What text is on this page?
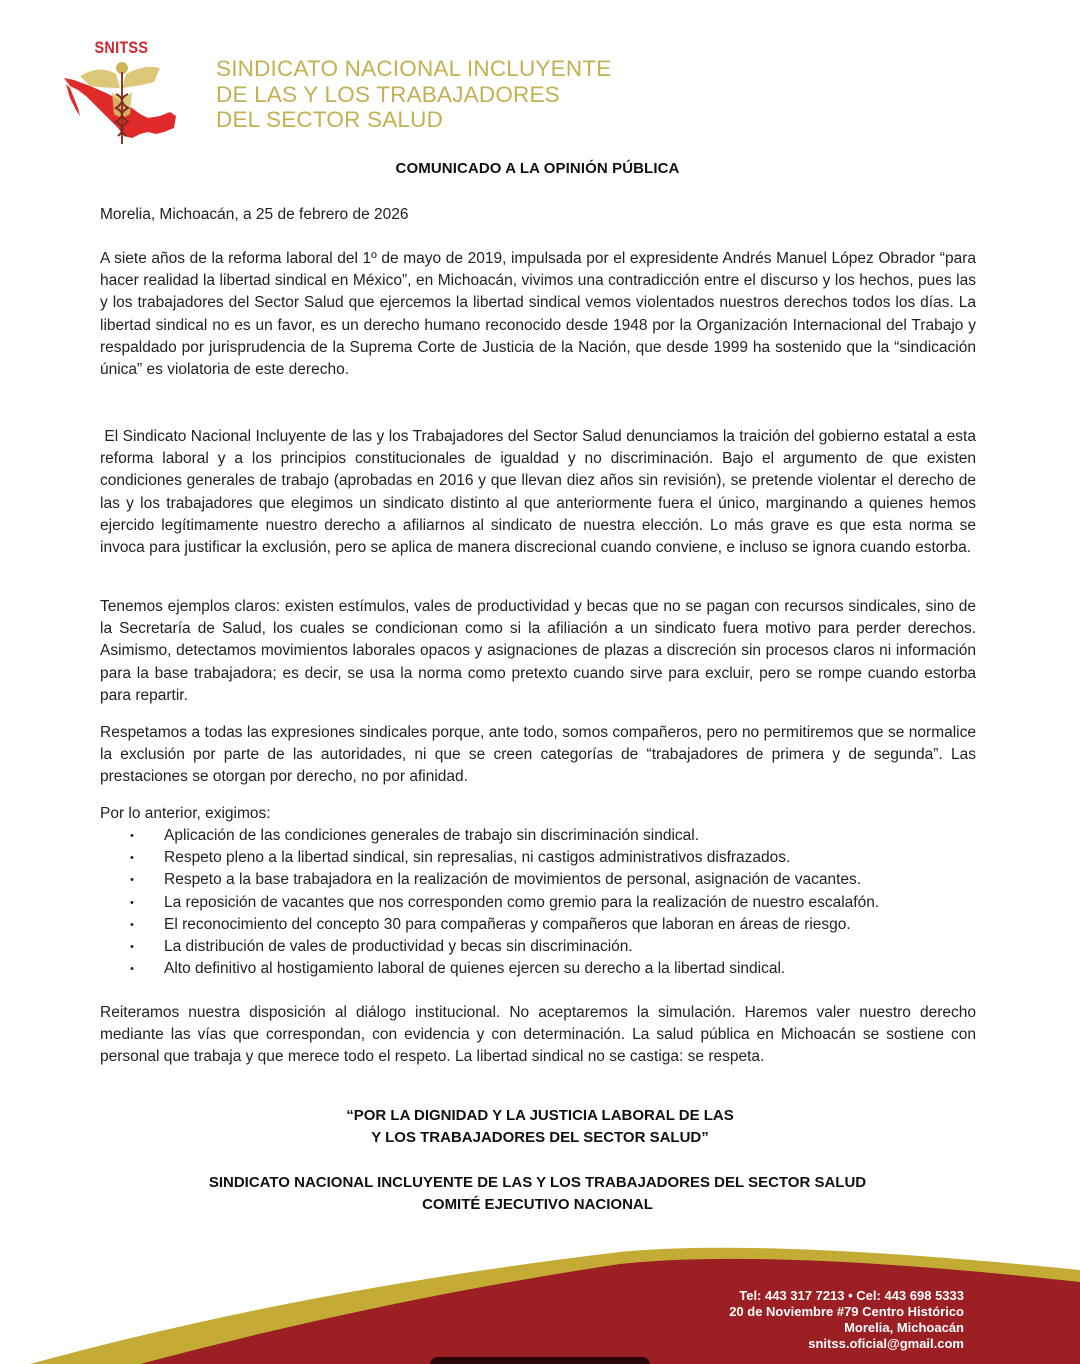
SNITSS
SINDICATO NACIONAL INCLUYENTE
DE LAS Y LOS TRABAJADORES
DEL SECTOR SALUD
COMUNICADO A LA OPINIÓN PÚBLICA
Morelia, Michoacán, a 25 de febrero de 2026

A siete años de la reforma laboral del 1º de mayo de 2019, impulsada por el expresidente Andrés Manuel López Obrador “para hacer realidad la libertad sindical en México”, en Michoacán, vivimos una contradicción entre el discurso y los hechos, pues las y los trabajadores del Sector Salud que ejercemos la libertad sindical vemos violentados nuestros derechos todos los días. La libertad sindical no es un favor, es un derecho humano reconocido desde 1948 por la Organización Internacional del Trabajo y respaldado por jurisprudencia de la Suprema Corte de Justicia de la Nación, que desde 1999 ha sostenido que la “sindicación única” es violatoria de este derecho.

El Sindicato Nacional Incluyente de las y los Trabajadores del Sector Salud denunciamos la traición del gobierno estatal a esta reforma laboral y a los principios constitucionales de igualdad y no discriminación. Bajo el argumento de que existen condiciones generales de trabajo (aprobadas en 2016 y que llevan diez años sin revisión), se pretende violentar el derecho de las y los trabajadores que elegimos un sindicato distinto al que anteriormente fuera el único, marginando a quienes hemos ejercido legítimamente nuestro derecho a afiliarnos al sindicato de nuestra elección. Lo más grave es que esta norma se invoca para justificar la exclusión, pero se aplica de manera discrecional cuando conviene, e incluso se ignora cuando estorba.

Tenemos ejemplos claros: existen estímulos, vales de productividad y becas que no se pagan con recursos sindicales, sino de la Secretaría de Salud, los cuales se condicionan como si la afiliación a un sindicato fuera motivo para perder derechos. Asimismo, detectamos movimientos laborales opacos y asignaciones de plazas a discreción sin procesos claros ni información para la base trabajadora; es decir, se usa la norma como pretexto cuando sirve para excluir, pero se rompe cuando estorba para repartir.

Respetamos a todas las expresiones sindicales porque, ante todo, somos compañeros, pero no permitiremos que se normalice la exclusión por parte de las autoridades, ni que se creen categorías de “trabajadores de primera y de segunda”. Las prestaciones se otorgan por derecho, no por afinidad.

Por lo anterior, exigimos:

• Aplicación de las condiciones generales de trabajo sin discriminación sindical.
• Respeto pleno a la libertad sindical, sin represalias, ni castigos administrativos disfrazados.
• Respeto a la base trabajadora en la realización de movimientos de personal, asignación de vacantes.
• La reposición de vacantes que nos corresponden como gremio para la realización de nuestro escalafón.
• El reconocimiento del concepto 30 para compañeras y compañeros que laboran en áreas de riesgo.
• La distribución de vales de productividad y becas sin discriminación.
• Alto definitivo al hostigamiento laboral de quienes ejercen su derecho a la libertad sindical.

Reiteramos nuestra disposición al diálogo institucional. No aceptaremos la simulación. Haremos valer nuestro derecho mediante las vías que correspondan, con evidencia y con determinación. La salud pública en Michoacán se sostiene con personal que trabaja y que merece todo el respeto. La libertad sindical no se castiga: se respeta.

“POR LA DIGNIDAD Y LA JUSTICIA LABORAL DE LAS
Y LOS TRABAJADORES DEL SECTOR SALUD”
SINDICATO NACIONAL INCLUYENTE DE LAS Y LOS TRABAJADORES DEL SECTOR SALUD
COMITÉ EJECUTIVO NACIONAL
Tel: 443 317 7213 • Cel: 443 698 5333
20 de Noviembre #79 Centro Histórico
Morelia, Michoacán
snitss.oficial@gmail.com
